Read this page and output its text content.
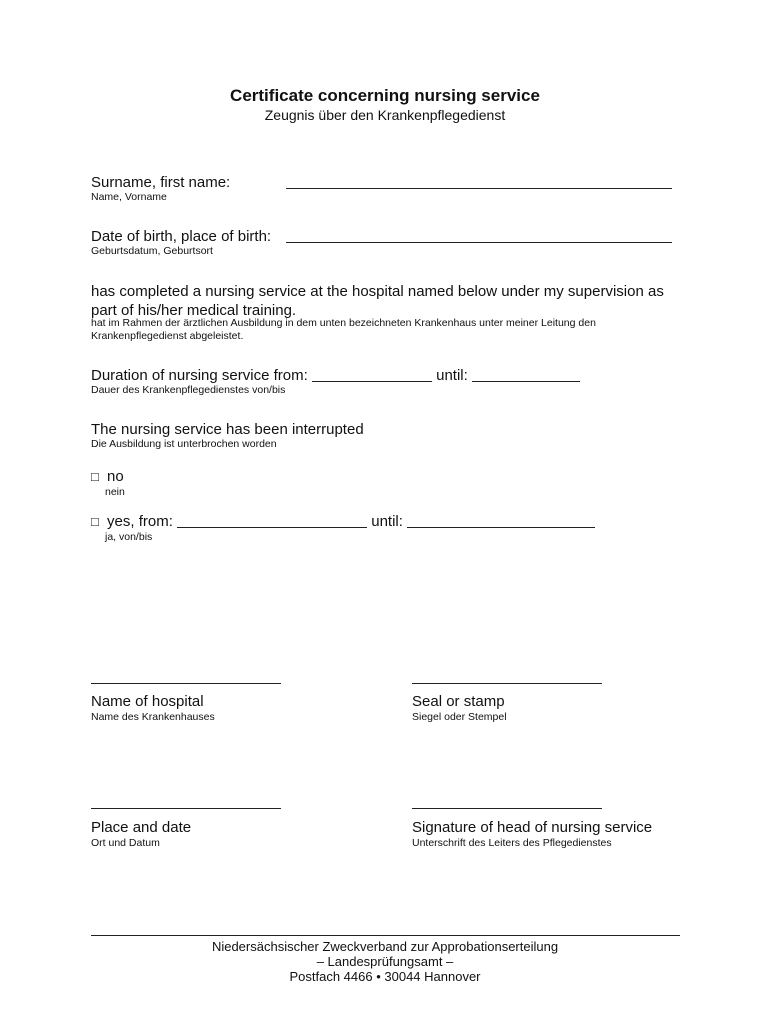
Certificate concerning nursing service
Zeugnis über den Krankenpflegedienst
Surname, first name:
Name, Vorname
Date of birth, place of birth:
Geburtsdatum, Geburtsort
has completed a nursing service at the hospital named below under my supervision as part of his/her medical training.
hat im Rahmen der ärztlichen Ausbildung in dem unten bezeichneten Krankenhaus unter meiner Leitung den Krankenpflegedienst abgeleistet.
Duration of nursing service from:	until:
Dauer des Krankenpflegedienstes von/bis
The nursing service has been interrupted
Die Ausbildung ist unterbrochen worden
□ no
nein
□ yes, from:	until:
ja, von/bis
Name of hospital
Name des Krankenhauses
Seal or stamp
Siegel oder Stempel
Place and date
Ort und Datum
Signature of head of nursing service
Unterschrift des Leiters des Pflegedienstes
Niedersächsischer Zweckverband zur Approbationserteilung
– Landesprüfungsamt –
Postfach 4466 • 30044 Hannover
